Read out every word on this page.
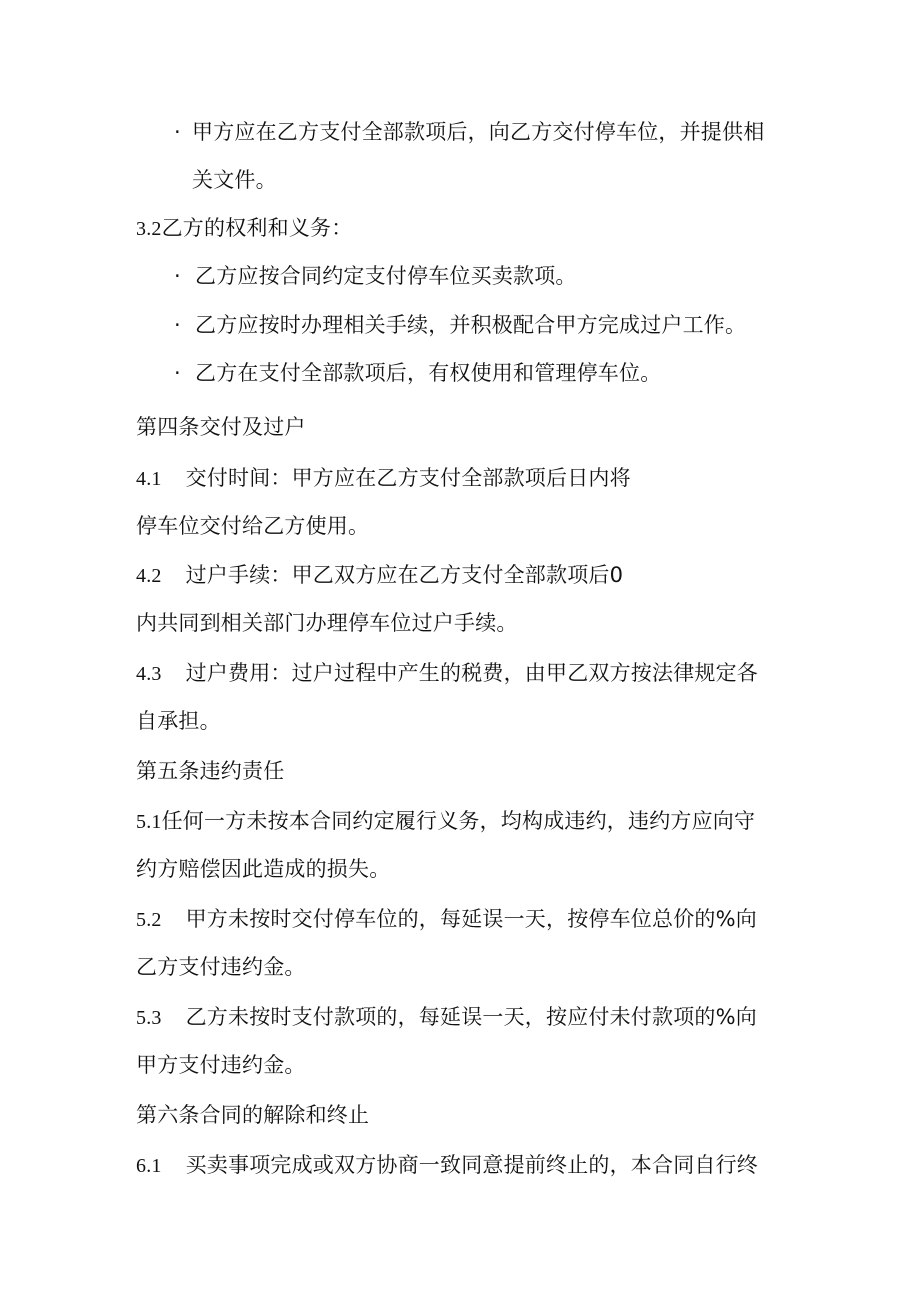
· 甲方应在乙方支付全部款项后，向乙方交付停车位，并提供相
关文件。
3.2乙方的权利和义务：
· 乙方应按合同约定支付停车位买卖款项。
· 乙方应按时办理相关手续，并积极配合甲方完成过户工作。
· 乙方在支付全部款项后，有权使用和管理停车位。
第四条交付及过户
4.1 交付时间：甲方应在乙方支付全部款项后日内将
停车位交付给乙方使用。
4.2 过户手续：甲乙双方应在乙方支付全部款项后0
内共同到相关部门办理停车位过户手续。
4.3 过户费用：过户过程中产生的税费，由甲乙双方按法律规定各
自承担。
第五条违约责任
5.1任何一方未按本合同约定履行义务，均构成违约，违约方应向守
约方赔偿因此造成的损失。
5.2 甲方未按时交付停车位的，每延误一天，按停车位总价的%向
乙方支付违约金。
5.3 乙方未按时支付款项的，每延误一天，按应付未付款项的%向
甲方支付违约金。
第六条合同的解除和终止
6.1 买卖事项完成或双方协商一致同意提前终止的，本合同自行终
